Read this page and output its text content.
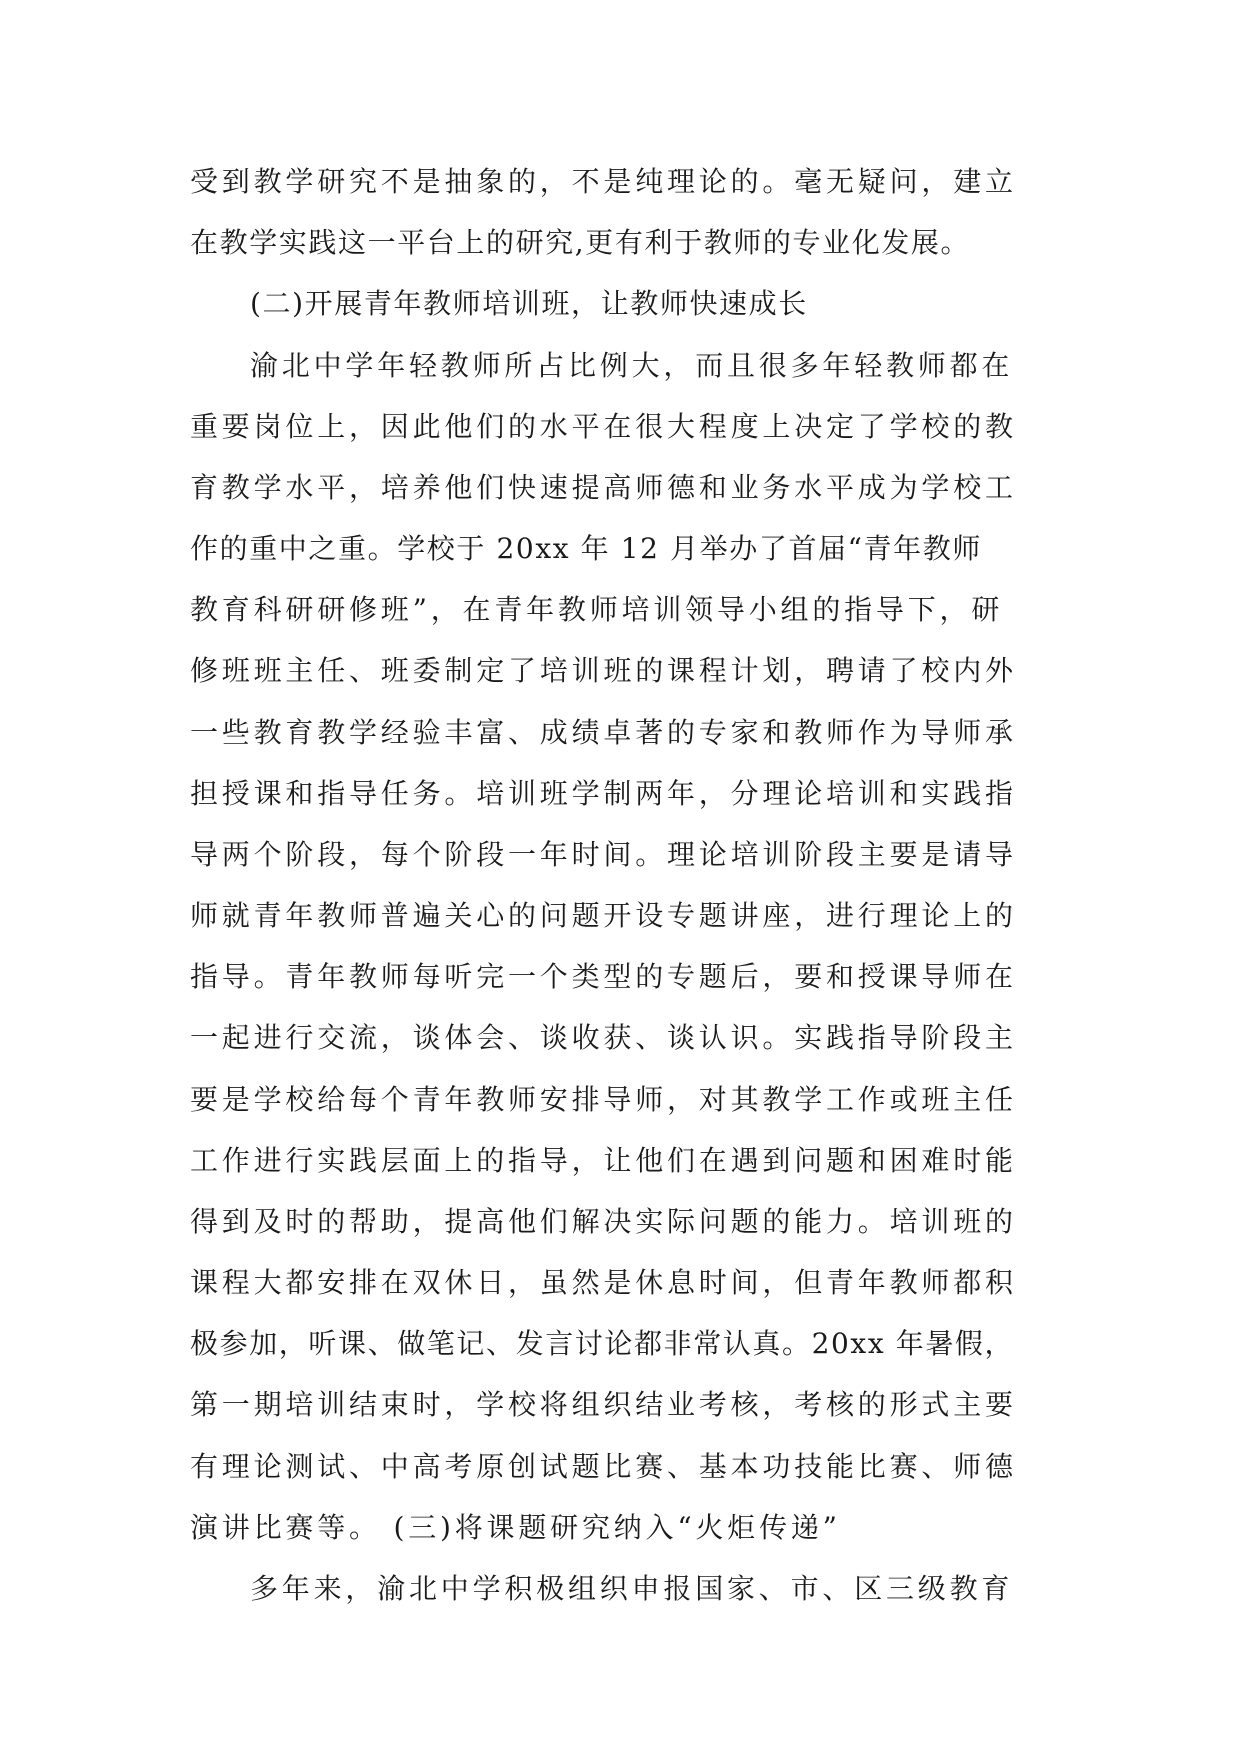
受到教学研究不是抽象的，不是纯理论的。毫无疑问，建立
在教学实践这一平台上的研究,更有利于教师的专业化发展。
(二)开展青年教师培训班，让教师快速成长
渝北中学年轻教师所占比例大，而且很多年轻教师都在
重要岗位上，因此他们的水平在很大程度上决定了学校的教
育教学水平，培养他们快速提高师德和业务水平成为学校工
作的重中之重。学校于 20xx 年 12 月举办了首届“青年教师
教育科研研修班”，在青年教师培训领导小组的指导下，研
修班班主任、班委制定了培训班的课程计划，聘请了校内外
一些教育教学经验丰富、成绩卓著的专家和教师作为导师承
担授课和指导任务。培训班学制两年，分理论培训和实践指
导两个阶段，每个阶段一年时间。理论培训阶段主要是请导
师就青年教师普遍关心的问题开设专题讲座，进行理论上的
指导。青年教师每听完一个类型的专题后，要和授课导师在
一起进行交流，谈体会、谈收获、谈认识。实践指导阶段主
要是学校给每个青年教师安排导师，对其教学工作或班主任
工作进行实践层面上的指导，让他们在遇到问题和困难时能
得到及时的帮助，提高他们解决实际问题的能力。培训班的
课程大都安排在双休日，虽然是休息时间，但青年教师都积
极参加，听课、做笔记、发言讨论都非常认真。20xx 年暑假，
第一期培训结束时，学校将组织结业考核，考核的形式主要
有理论测试、中高考原创试题比赛、基本功技能比赛、师德
演讲比赛等。 (三)将课题研究纳入“火炬传递”
多年来，渝北中学积极组织申报国家、市、区三级教育
